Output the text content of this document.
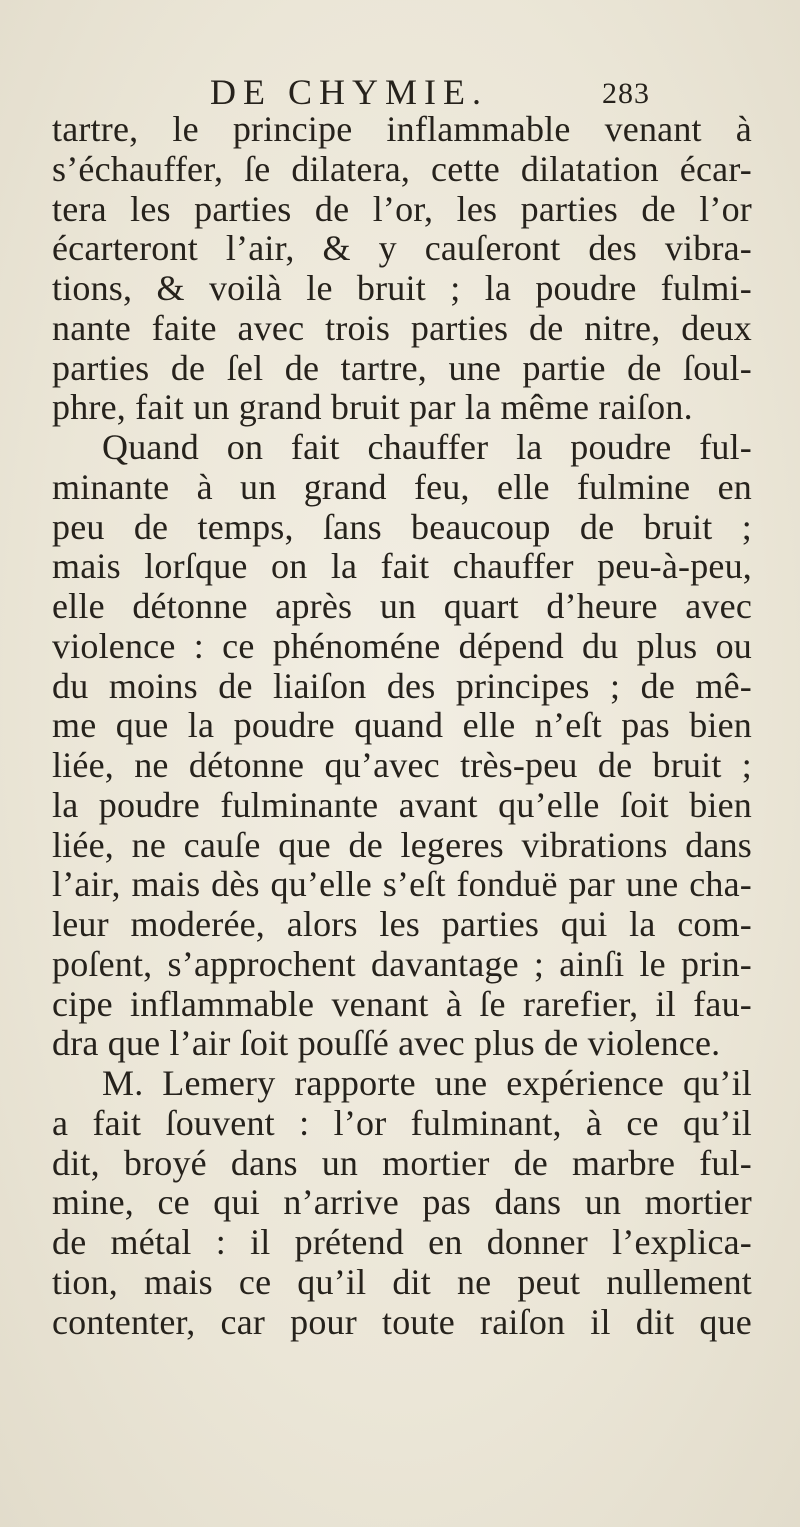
DE CHYMIE.	283
tartre, le principe inflammable venant à
s’échauffer, ſe dilatera, cette dilatation écar-
tera les parties de l’or, les parties de l’or
écarteront l’air, & y cauſeront des vibra-
tions, & voilà le bruit ; la poudre fulmi-
nante faite avec trois parties de nitre, deux
parties de ſel de tartre, une partie de ſoul-
phre, fait un grand bruit par la même raiſon.
Quand on fait chauffer la poudre ful-
minante à un grand feu, elle fulmine en
peu de temps, ſans beaucoup de bruit ;
mais lorſque on la fait chauffer peu-à-peu,
elle détonne après un quart d’heure avec
violence : ce phénoméne dépend du plus ou
du moins de liaiſon des principes ; de mê-
me que la poudre quand elle n’eſt pas bien
liée, ne détonne qu’avec très-peu de bruit ;
la poudre fulminante avant qu’elle ſoit bien
liée, ne cauſe que de legeres vibrations dans
l’air, mais dès qu’elle s’eſt fonduë par une cha-
leur moderée, alors les parties qui la com-
poſent, s’approchent davantage ; ainſi le prin-
cipe inflammable venant à ſe rarefier, il fau-
dra que l’air ſoit pouſſé avec plus de violence.
M. Lemery rapporte une expérience qu’il
a fait ſouvent : l’or fulminant, à ce qu’il
dit, broyé dans un mortier de marbre ful-
mine, ce qui n’arrive pas dans un mortier
de métal : il prétend en donner l’explica-
tion, mais ce qu’il dit ne peut nullement
contenter, car pour toute raiſon il dit que
